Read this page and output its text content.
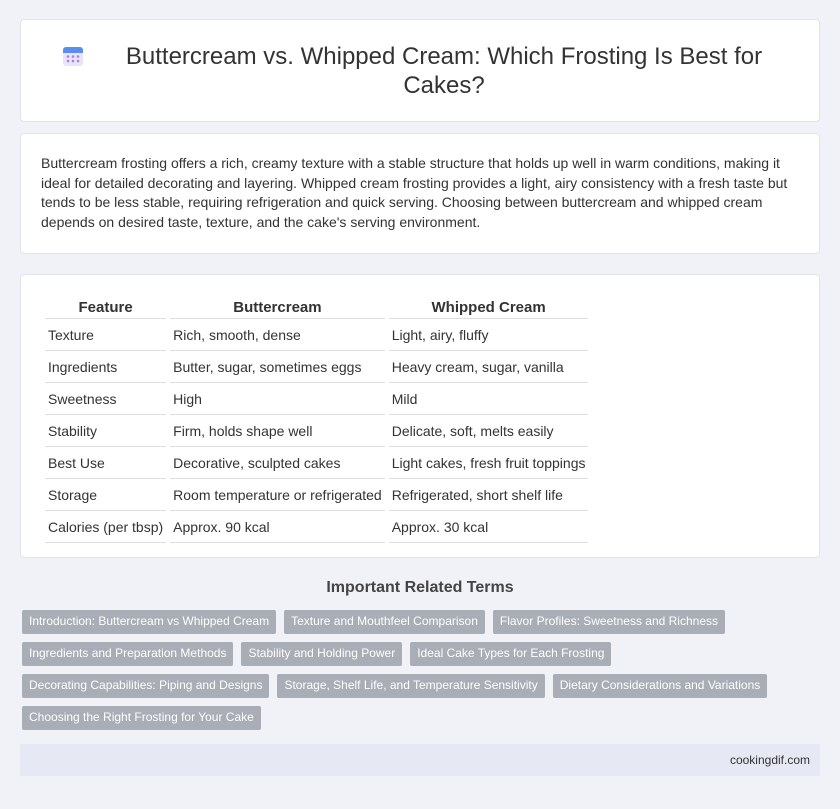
Buttercream vs. Whipped Cream: Which Frosting Is Best for Cakes?

Buttercream frosting offers a rich, creamy texture with a stable structure that holds up well in warm conditions, making it ideal for detailed decorating and layering. Whipped cream frosting provides a light, airy consistency with a fresh taste but tends to be less stable, requiring refrigeration and quick serving. Choosing between buttercream and whipped cream depends on desired taste, texture, and the cake's serving environment.

Feature	Buttercream	Whipped Cream
Texture	Rich, smooth, dense	Light, airy, fluffy
Ingredients	Butter, sugar, sometimes eggs	Heavy cream, sugar, vanilla
Sweetness	High	Mild
Stability	Firm, holds shape well	Delicate, soft, melts easily
Best Use	Decorative, sculpted cakes	Light cakes, fresh fruit toppings
Storage	Room temperature or refrigerated	Refrigerated, short shelf life
Calories (per tbsp)	Approx. 90 kcal	Approx. 30 kcal
Important Related Terms
Introduction: Buttercream vs Whipped Cream	Texture and Mouthfeel Comparison	Flavor Profiles: Sweetness and Richness
Ingredients and Preparation Methods	Stability and Holding Power	Ideal Cake Types for Each Frosting
Decorating Capabilities: Piping and Designs	Storage, Shelf Life, and Temperature Sensitivity	Dietary Considerations and Variations
Choosing the Right Frosting for Your Cake
cookingdif.com
